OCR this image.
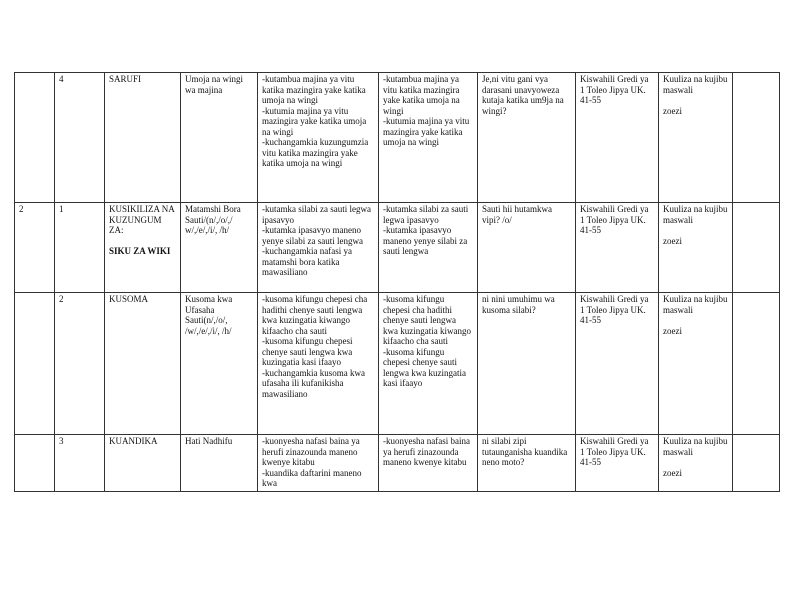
	4	SARUFI	Umoja na wingi wa majina	-kutambua majina ya vitu katika mazingira yake katika umoja na wingi
-kutumia majina ya vitu mazingira yake katika umoja na wingi
-kuchangamkia kuzungumzia vitu katika mazingira yake katika umoja na wingi	-kutambua majina ya vitu katika mazingira yake katika umoja na wingi
-kutumia majina ya vitu mazingira yake katika umoja na wingi	Je,ni vitu gani vya darasani unavyoweza kutaja katika um9ja na wingi?	Kiswahili Gredi ya 1 Toleo Jipya UK. 41-55	Kuuliza na kujibu maswali
zoezi	
2	1	KUSIKILIZA NA KUZUNGUM ZA:
SIKU ZA WIKI	Matamshi Bora Sauti/(n/,/o/,/ w/,/e/,/i/, /h/	-kutamka silabi za sauti legwa ipasavyo
-kutamka ipasavyo maneno yenye silabi za sauti lengwa
-kuchangamkia nafasi ya matamshi bora katika mawasiliano	-kutamka silabi za sauti legwa ipasavyo
-kutamka ipasavyo maneno yenye silabi za sauti lengwa	Sauti hii hutamkwa vipi? /o/	Kiswahili Gredi ya 1 Toleo Jipya UK. 41-55	Kuuliza na kujibu maswali
zoezi	
	2	KUSOMA	Kusoma kwa Ufasaha Sauti(n/,/o/, /w/,/e/,/i/, /h/	-kusoma kifungu chepesi cha hadithi chenye sauti lengwa kwa kuzingatia kiwango kifaacho cha sauti
-kusoma kifungu chepesi chenye sauti lengwa kwa kuzingatia kasi ifaayo
-kuchangamkia kusoma kwa ufasaha ili kufanikisha mawasiliano	-kusoma kifungu chepesi cha hadithi chenye sauti lengwa kwa kuzingatia kiwango kifaacho cha sauti
-kusoma kifungu chepesi chenye sauti lengwa kwa kuzingatia kasi ifaayo	ni nini umuhimu wa kusoma silabi?	Kiswahili Gredi ya 1 Toleo Jipya UK. 41-55	Kuuliza na kujibu maswali
zoezi	
	3	KUANDIKA	Hati Nadhifu	-kuonyesha nafasi baina ya herufi zinazounda maneno kwenye kitabu
-kuandika daftarini maneno kwa	-kuonyesha nafasi baina ya herufi zinazounda maneno kwenye kitabu	ni silabi zipi tutaunganisha kuandika neno moto?	Kiswahili Gredi ya 1 Toleo Jipya UK. 41-55	Kuuliza na kujibu maswali
zoezi	
